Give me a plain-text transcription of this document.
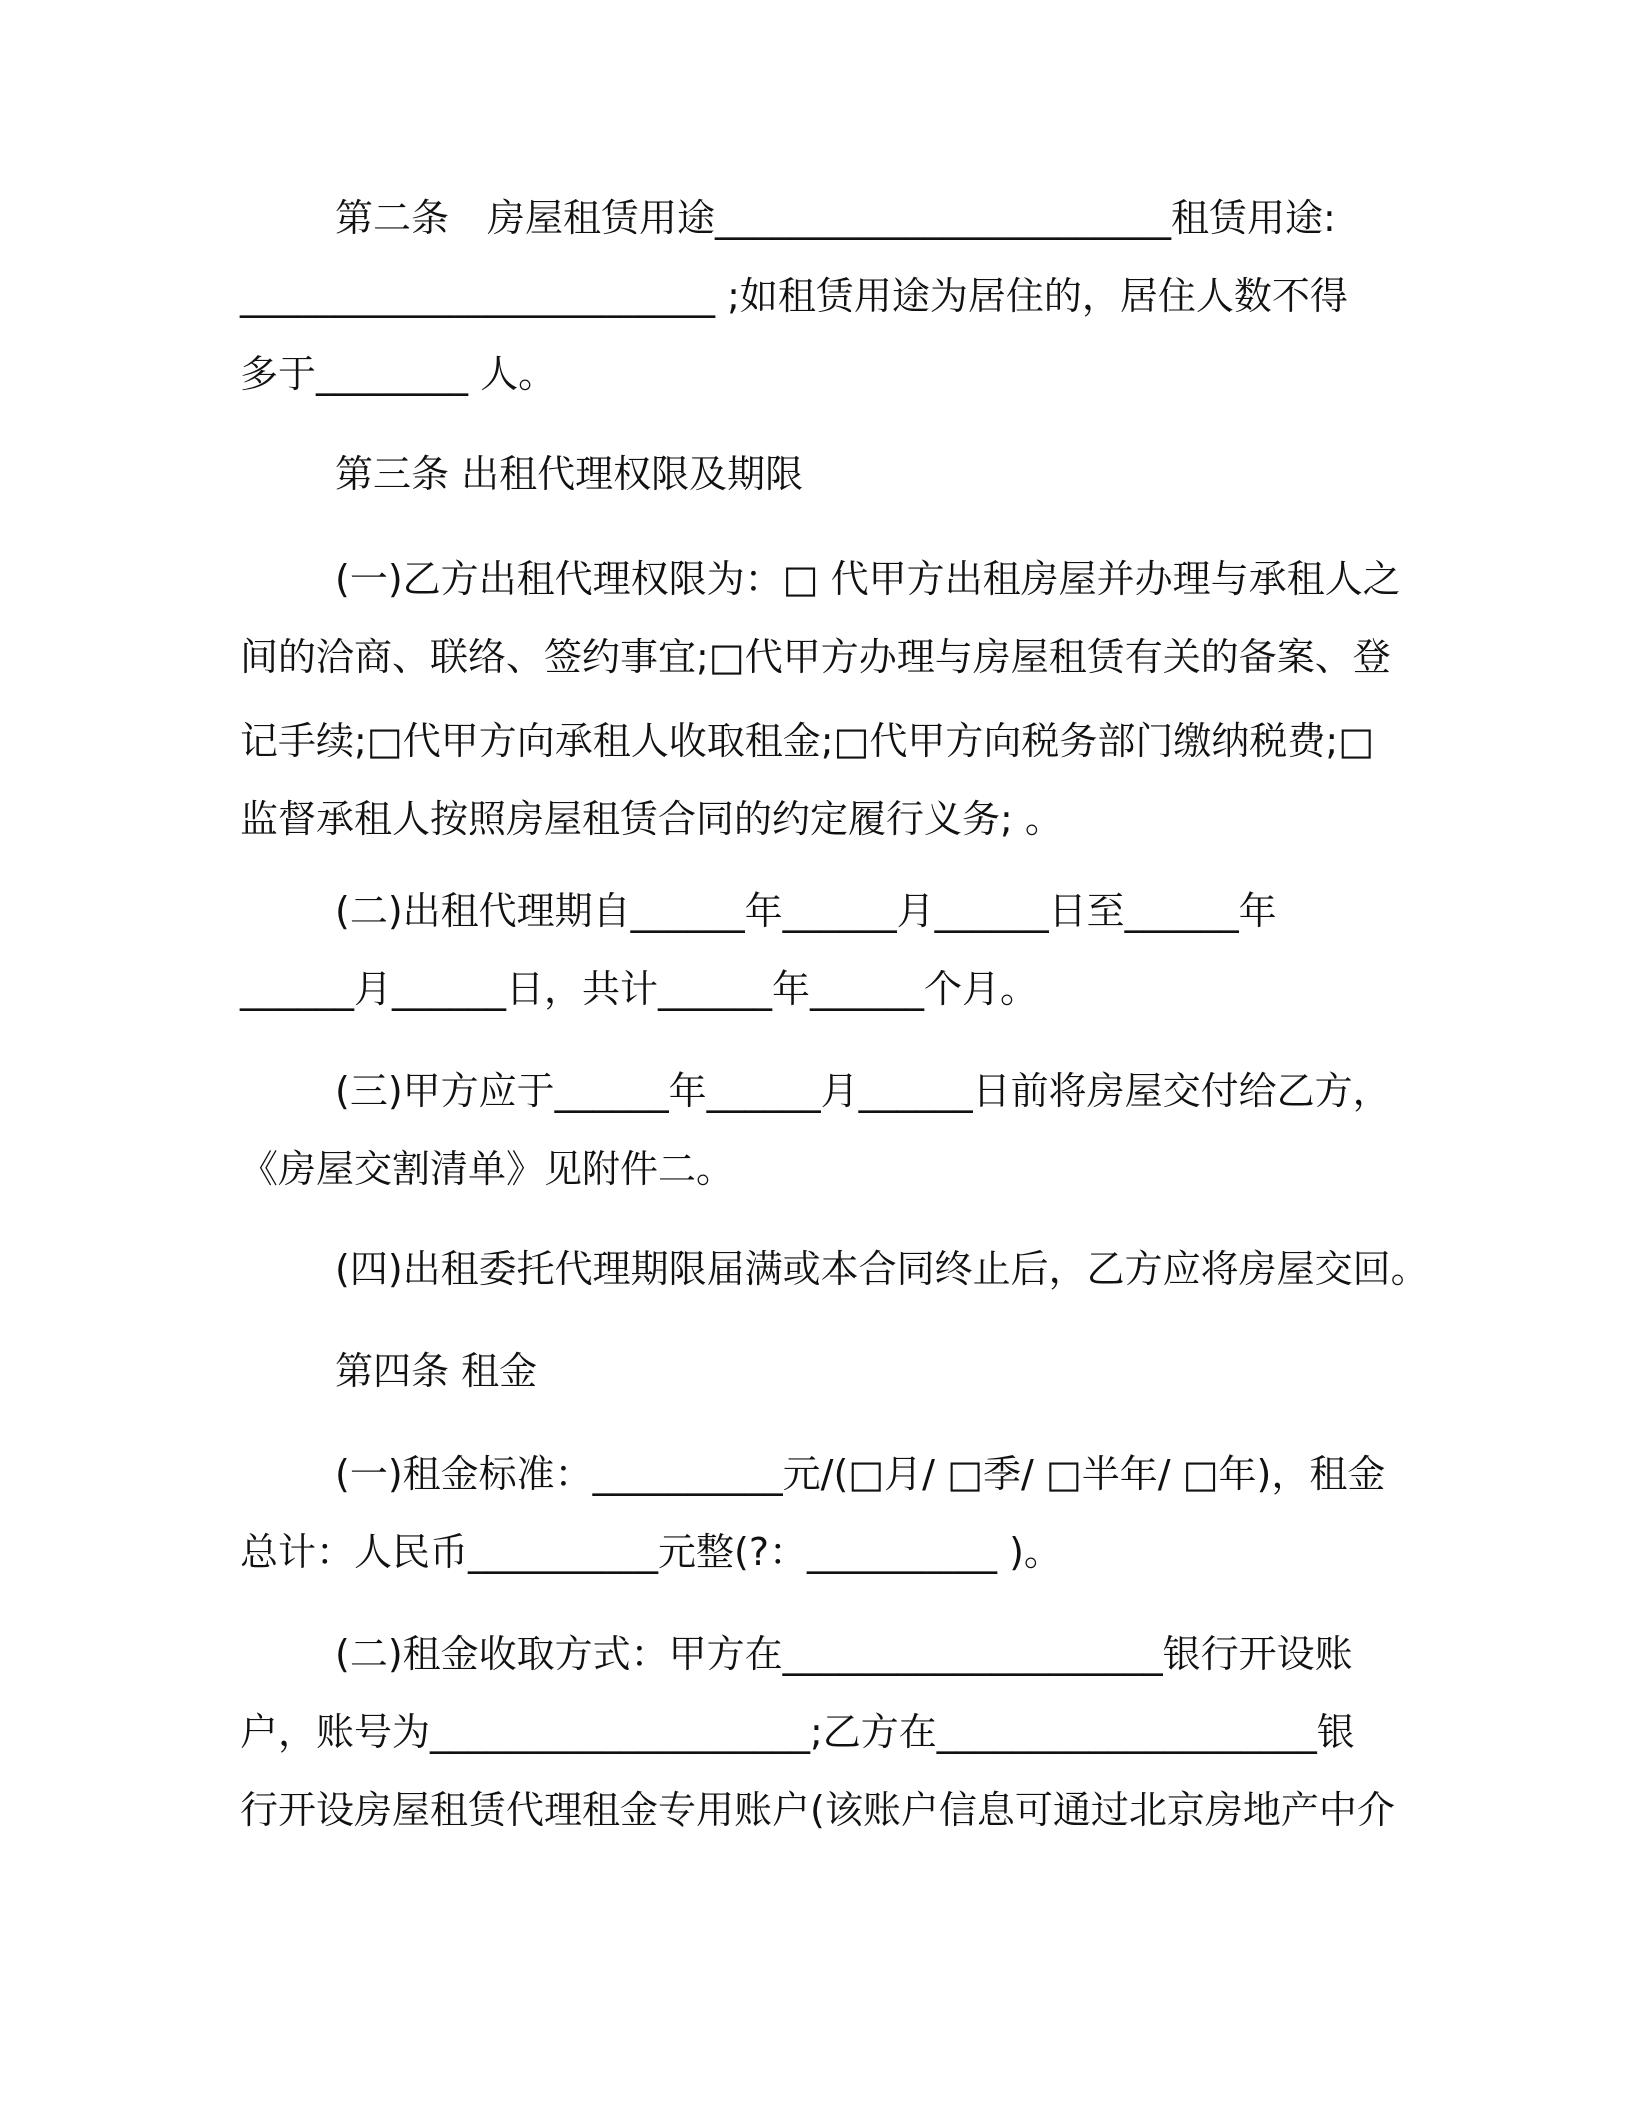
第二条　房屋租赁用途________________________租赁用途:
_________________________ ;如租赁用途为居住的，居住人数不得
多于________ 人。
第三条 出租代理权限及期限
(一)乙方出租代理权限为：□ 代甲方出租房屋并办理与承租人之
间的洽商、联络、签约事宜;□代甲方办理与房屋租赁有关的备案、登
记手续;□代甲方向承租人收取租金;□代甲方向税务部门缴纳税费;□
监督承租人按照房屋租赁合同的约定履行义务; 。
(二)出租代理期自______年______月______日至______年
______月______日，共计______年______个月。
(三)甲方应于______年______月______日前将房屋交付给乙方，
《房屋交割清单》见附件二。
(四)出租委托代理期限届满或本合同终止后，乙方应将房屋交回。
第四条 租金
(一)租金标准：__________元/(□月/ □季/ □半年/ □年)，租金
总计：人民币__________元整(?：__________ )。
(二)租金收取方式：甲方在____________________银行开设账
户，账号为____________________;乙方在____________________银
行开设房屋租赁代理租金专用账户(该账户信息可通过北京房地产中介
